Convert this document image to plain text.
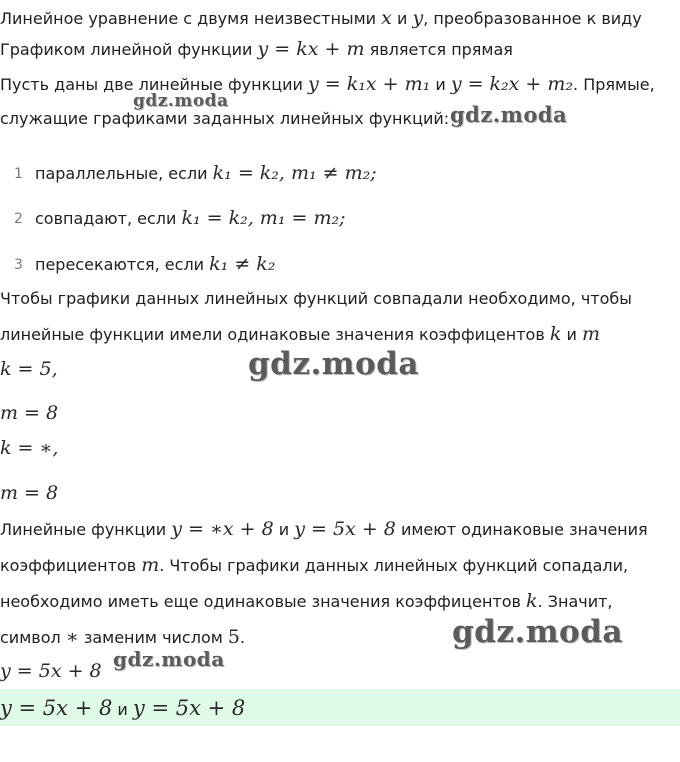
Линейное уравнение с двумя неизвестными x и y, преобразованное к виду
Графиком линейной функции y = kx + m является прямая
Пусть даны две линейные функции y = k₁x + m₁ и y = k₂x + m₂. Прямые,
служащие графиками заданных линейных функций:
1 параллельные, если k₁ = k₂, m₁ ≠ m₂;
2 совпадают, если k₁ = k₂, m₁ = m₂;
3 пересекаются, если k₁ ≠ k₂
Чтобы графики данных линейных функций совпадали необходимо, чтобы
линейные функции имели одинаковые значения коэффицентов k и m
k = 5,
m = 8
k = ∗,
m = 8
Линейные функции y = ∗x + 8 и y = 5x + 8 имеют одинаковые значения
коэффициентов m. Чтобы графики данных линейных функций сопадали,
необходимо иметь еще одинаковые значения коэффицентов k. Значит,
символ ∗ заменим числом 5.
y = 5x + 8
y = 5x + 8 и y = 5x + 8
gdz.moda
gdz.moda
gdz.moda
gdz.moda
gdz.moda
